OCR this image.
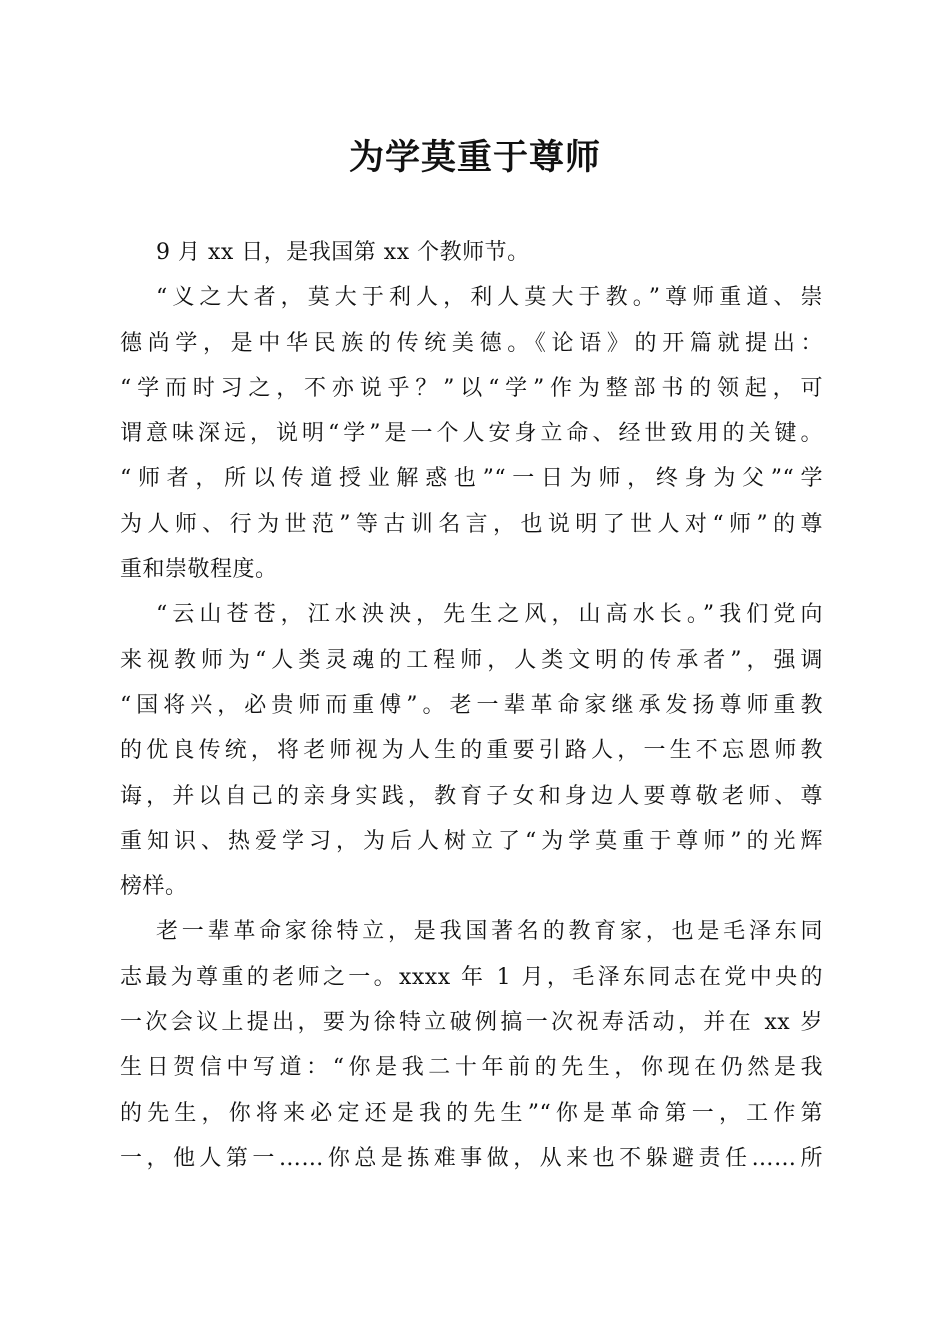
为学莫重于尊师
9 月 xx 日，是我国第 xx 个教师节。
“义之大者，莫大于利人，利人莫大于教。”尊师重道、崇
德尚学，是中华民族的传统美德。《论语》的开篇就提出：
“学而时习之，不亦说乎？”以“学”作为整部书的领起，可
谓意味深远，说明“学”是一个人安身立命、经世致用的关键。
“师者，所以传道授业解惑也”“一日为师，终身为父”“学
为人师、行为世范”等古训名言，也说明了世人对“师”的尊
重和崇敬程度。
“云山苍苍，江水泱泱，先生之风，山高水长。”我们党向
来视教师为“人类灵魂的工程师，人类文明的传承者”，强调
“国将兴，必贵师而重傅”。老一辈革命家继承发扬尊师重教
的优良传统，将老师视为人生的重要引路人，一生不忘恩师教
诲，并以自己的亲身实践，教育子女和身边人要尊敬老师、尊
重知识、热爱学习，为后人树立了“为学莫重于尊师”的光辉
榜样。
老一辈革命家徐特立，是我国著名的教育家，也是毛泽东同
志最为尊重的老师之一。xxxx 年 1 月，毛泽东同志在党中央的
一次会议上提出，要为徐特立破例搞一次祝寿活动，并在 xx 岁
生日贺信中写道：“你是我二十年前的先生，你现在仍然是我
的先生，你将来必定还是我的先生”“你是革命第一，工作第
一，他人第一……你总是拣难事做，从来也不躲避责任……所
